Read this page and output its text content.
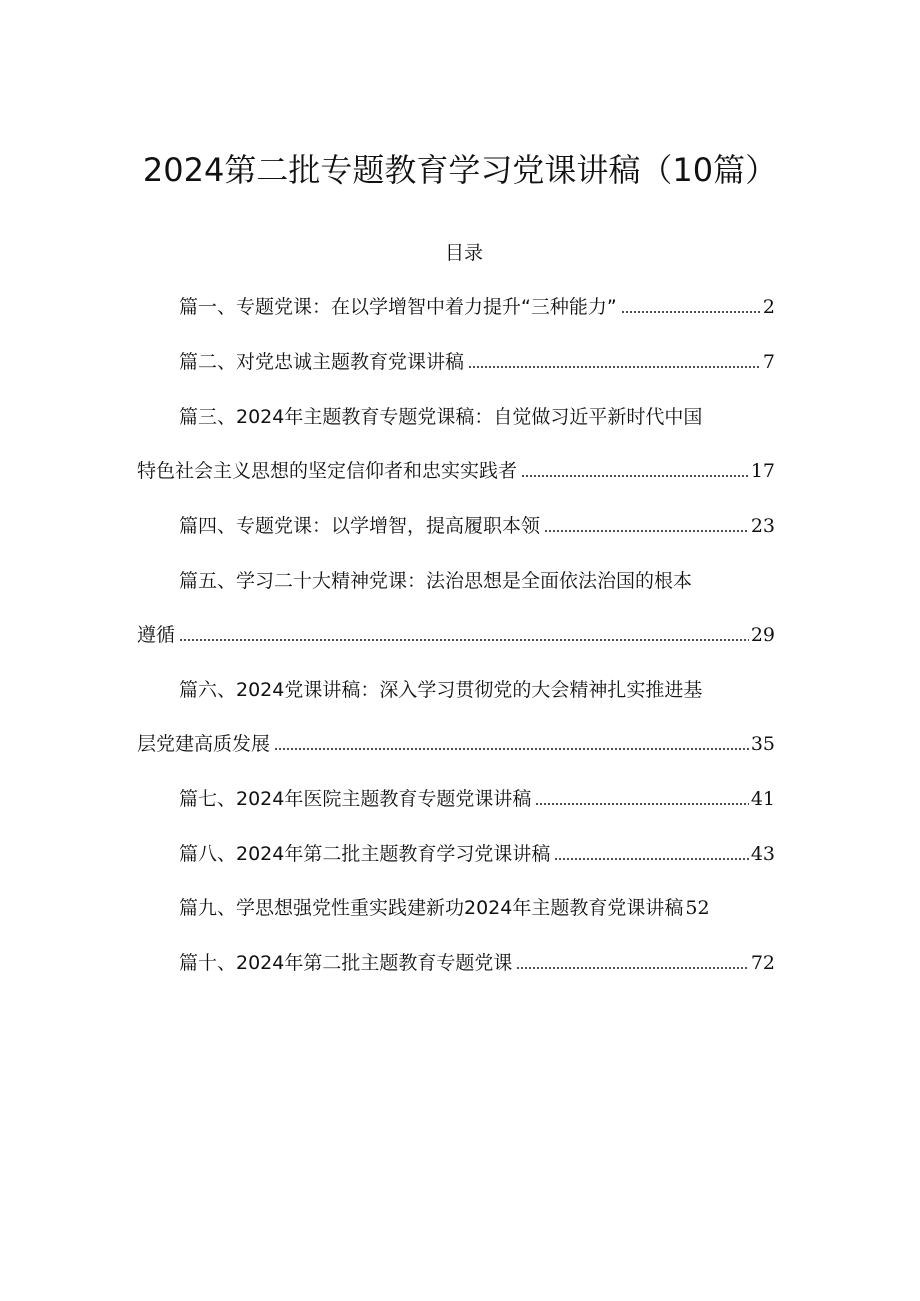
2024第二批专题教育学习党课讲稿（10篇）
目录
篇一、专题党课：在以学增智中着力提升“三种能力”	2
篇二、对党忠诚主题教育党课讲稿	7
篇三、2024年主题教育专题党课稿：自觉做习近平新时代中国
特色社会主义思想的坚定信仰者和忠实实践者	17
篇四、专题党课：以学增智，提高履职本领	23
篇五、学习二十大精神党课：法治思想是全面依法治国的根本
遵循	29
篇六、2024党课讲稿：深入学习贯彻党的大会精神扎实推进基
层党建高质发展	35
篇七、2024年医院主题教育专题党课讲稿	41
篇八、2024年第二批主题教育学习党课讲稿	43
篇九、学思想强党性重实践建新功2024年主题教育党课讲稿 52
篇十、2024年第二批主题教育专题党课	72
